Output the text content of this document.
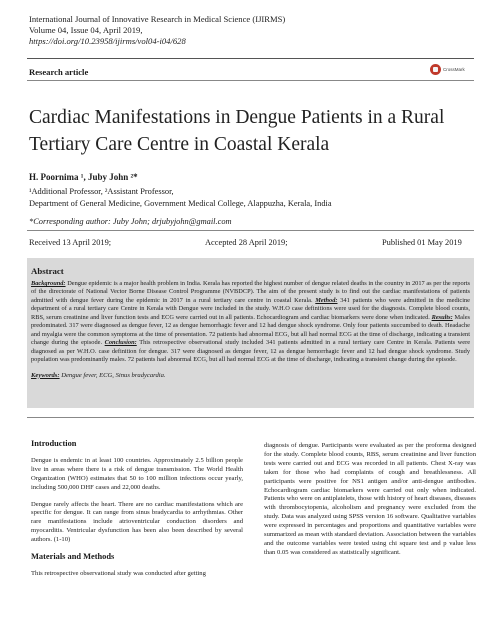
International Journal of Innovative Research in Medical Science (IJIRMS)
Volume 04, Issue 04, April 2019,
https://doi.org/10.23958/ijirms/vol04-i04/628
Research article	CrossMark
Cardiac Manifestations in Dengue Patients in a Rural Tertiary Care Centre in Coastal Kerala
H. Poornima ¹, Juby John ²*
¹Additional Professor, ²Assistant Professor,
Department of General Medicine, Government Medical College, Alappuzha, Kerala, India
*Corresponding author: Juby John; drjubyjohn@gmail.com
Received 13 April 2019;	Accepted 28 April 2019;	Published 01 May 2019
Abstract

Background: Dengue epidemic is a major health problem in India. Kerala has reported the highest number of dengue related deaths in the country in 2017 as per the reports of the directorate of National Vector Borne Disease Control Programme (NVBDCP). The aim of the present study is to find out the cardiac manifestations of patients admitted with dengue fever during the epidemic in 2017 in a rural tertiary care centre in coastal Kerala. Method: 341 patients who were admitted in the medicine department of a rural tertiary care Centre in Kerala with Dengue were included in the study. W.H.O case definitions were used for the diagnosis. Complete blood counts, RBS, serum creatinine and liver function tests and ECG were carried out in all patients. Echocardiogram and cardiac biomarkers were done when indicated. Results: Males predominated. 317 were diagnosed as dengue fever, 12 as dengue hemorrhagic fever and 12 had dengue shock syndrome. Only four patients succumbed to death. Headache and myalgia were the common symptoms at the time of presentation. 72 patients had abnormal ECG, but all had normal ECG at the time of discharge, indicating a transient change during the episode. Conclusion: This retrospective observational study included 341 patients admitted in a rural tertiary care Centre in Kerala. Patients were diagnosed as per W.H.O. case definition for dengue. 317 were diagnosed as dengue fever, 12 as dengue hemorrhagic fever and 12 had dengue shock syndrome. Study population was predominantly males. 72 patients had abnormal ECG, but all had normal ECG at the time of discharge, indicating a transient change during the episode.

Keywords: Dengue fever, ECG, Sinus bradycardia.

Introduction

Dengue is endemic in at least 100 countries. Approximately 2.5 billion people live in areas where there is a risk of dengue transmission. The World Health Organization (WHO) estimates that 50 to 100 million infections occur yearly, including 500,000 DHF cases and 22,000 deaths.

Dengue rarely affects the heart. There are no cardiac manifestations which are specific for dengue. It can range from sinus bradycardia to arrhythmias. Other rare manifestations include atrioventricular conduction disorders and myocarditis. Ventricular dysfunction has been also been described by several authors. (1-10)

Materials and Methods

This retrospective observational study was conducted after getting

diagnosis of dengue. Participants were evaluated as per the proforma designed for the study. Complete blood counts, RBS, serum creatinine and liver function tests were carried out and ECG was recorded in all patients. Chest X-ray was taken for those who had complaints of cough and breathlessness. All participants were positive for NS1 antigen and/or anti-dengue antibodies. Echocardiogram cardiac biomarkers were carried out only when indicated. Patients who were on antiplatelets, those with history of heart diseases, diseases with thrombocytopenia, alcoholism and pregnancy were excluded from the study. Data was analyzed using SPSS version 16 software. Qualitative variables were expressed in percentages and proportions and quantitative variables were summarized as mean with standard deviation. Association between the variables and the outcome variables were tested using chi square test and p value less than 0.05 was considered as statistically significant.
